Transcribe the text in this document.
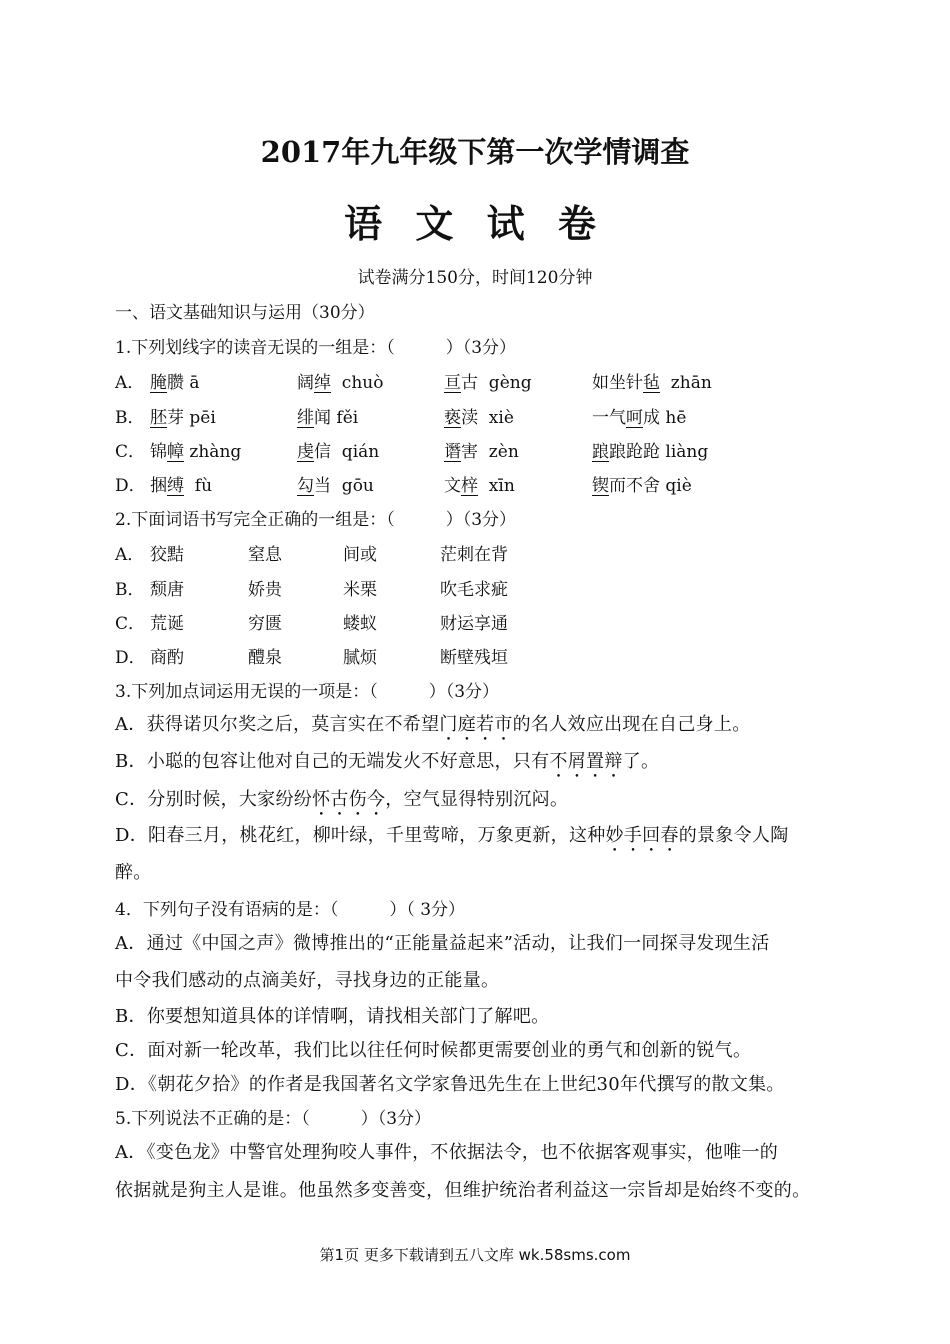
2017年九年级下第一次学情调查
语 文 试 卷
试卷满分150分，时间120分钟
一、语文基础知识与运用（30分）
1.下列划线字的读音无误的一组是：（　　　）（3分）
A． 腌臜 ā	阔绰  chuò	亘古  gèng	如坐针毡  zhān
B． 胚芽 pēi	绯闻 fěi	亵渎  xiè	一气呵成 hē
C． 锦幛 zhàng	虔信  qián	谮害  zèn	踉踉跄跄 liàng
D． 捆缚  fù	勾当  gōu	文梓  xīn	锲而不舍 qiè
2.下面词语书写完全正确的一组是：（　　　）（3分）
A． 狡黠	窒息	间或	茫刺在背
B． 颓唐	娇贵	米栗	吹毛求疵
C． 荒诞	穷匮	蝼蚁	财运享通
D． 商酌	醴泉	腻烦	断壁残垣
3.下列加点词运用无误的一项是：（　　　）（3分）
A．获得诺贝尔奖之后，莫言实在不希望门庭若市的名人效应出现在自己身上。
B．小聪的包容让他对自己的无端发火不好意思，只有不屑置辩了。
C．分别时候，大家纷纷怀古伤今，空气显得特别沉闷。
D．阳春三月，桃花红，柳叶绿，千里莺啼，万象更新，这种妙手回春的景象令人陶
醉。
4．下列句子没有语病的是：（　　　）（ 3分）
A．通过《中国之声》微博推出的“正能量益起来”活动，让我们一同探寻发现生活
中令我们感动的点滴美好，寻找身边的正能量。
B．你要想知道具体的详情啊，请找相关部门了解吧。
C．面对新一轮改革，我们比以往任何时候都更需要创业的勇气和创新的锐气。
D．《朝花夕拾》的作者是我国著名文学家鲁迅先生在上世纪30年代撰写的散文集。
5.下列说法不正确的是：（　　　）（3分）
A．《变色龙》中警官处理狗咬人事件，不依据法令，也不依据客观事实，他唯一的
依据就是狗主人是谁。他虽然多变善变，但维护统治者利益这一宗旨却是始终不变的。
第1页 更多下载请到五八文库 wk.58sms.com
